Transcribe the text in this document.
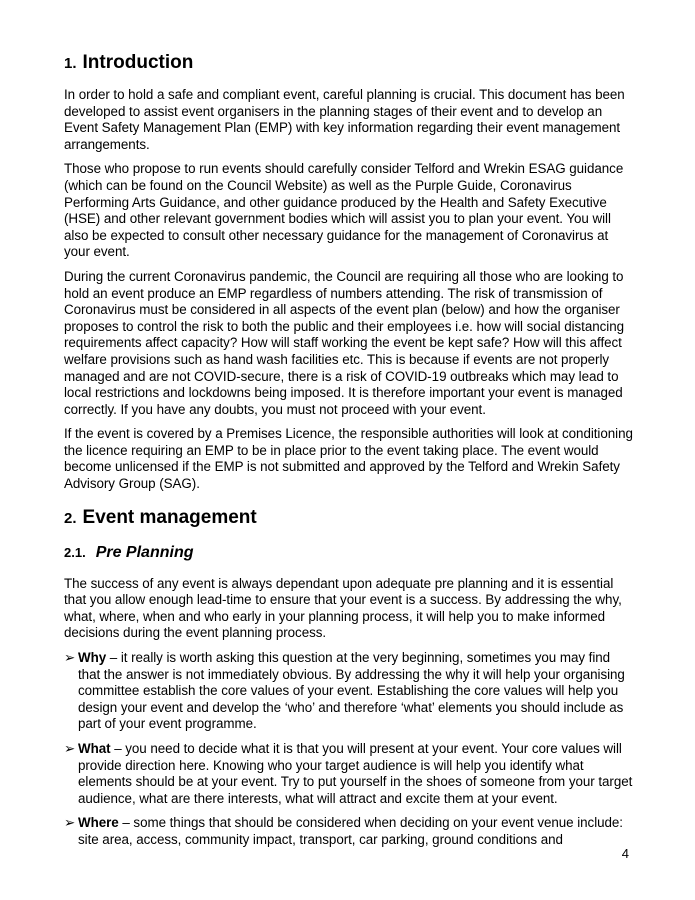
1. Introduction

In order to hold a safe and compliant event, careful planning is crucial. This document has been developed to assist event organisers in the planning stages of their event and to develop an Event Safety Management Plan (EMP) with key information regarding their event management arrangements.

Those who propose to run events should carefully consider Telford and Wrekin ESAG guidance (which can be found on the Council Website) as well as the Purple Guide, Coronavirus Performing Arts Guidance, and other guidance produced by the Health and Safety Executive (HSE) and other relevant government bodies which will assist you to plan your event. You will also be expected to consult other necessary guidance for the management of Coronavirus at your event.

During the current Coronavirus pandemic, the Council are requiring all those who are looking to hold an event produce an EMP regardless of numbers attending. The risk of transmission of Coronavirus must be considered in all aspects of the event plan (below) and how the organiser proposes to control the risk to both the public and their employees i.e. how will social distancing requirements affect capacity? How will staff working the event be kept safe? How will this affect welfare provisions such as hand wash facilities etc. This is because if events are not properly managed and are not COVID-secure, there is a risk of COVID-19 outbreaks which may lead to local restrictions and lockdowns being imposed. It is therefore important your event is managed correctly. If you have any doubts, you must not proceed with your event.

If the event is covered by a Premises Licence, the responsible authorities will look at conditioning the licence requiring an EMP to be in place prior to the event taking place. The event would become unlicensed if the EMP is not submitted and approved by the Telford and Wrekin Safety Advisory Group (SAG).

2. Event management
2.1. Pre Planning

The success of any event is always dependant upon adequate pre planning and it is essential that you allow enough lead-time to ensure that your event is a success. By addressing the why, what, where, when and who early in your planning process, it will help you to make informed decisions during the event planning process.

➢ Why – it really is worth asking this question at the very beginning, sometimes you may find that the answer is not immediately obvious. By addressing the why it will help your organising committee establish the core values of your event. Establishing the core values will help you design your event and develop the ‘who’ and therefore ‘what’ elements you should include as part of your event programme.
➢ What – you need to decide what it is that you will present at your event. Your core values will provide direction here. Knowing who your target audience is will help you identify what elements should be at your event. Try to put yourself in the shoes of someone from your target audience, what are there interests, what will attract and excite them at your event.
➢ Where – some things that should be considered when deciding on your event venue include: site area, access, community impact, transport, car parking, ground conditions and
4
